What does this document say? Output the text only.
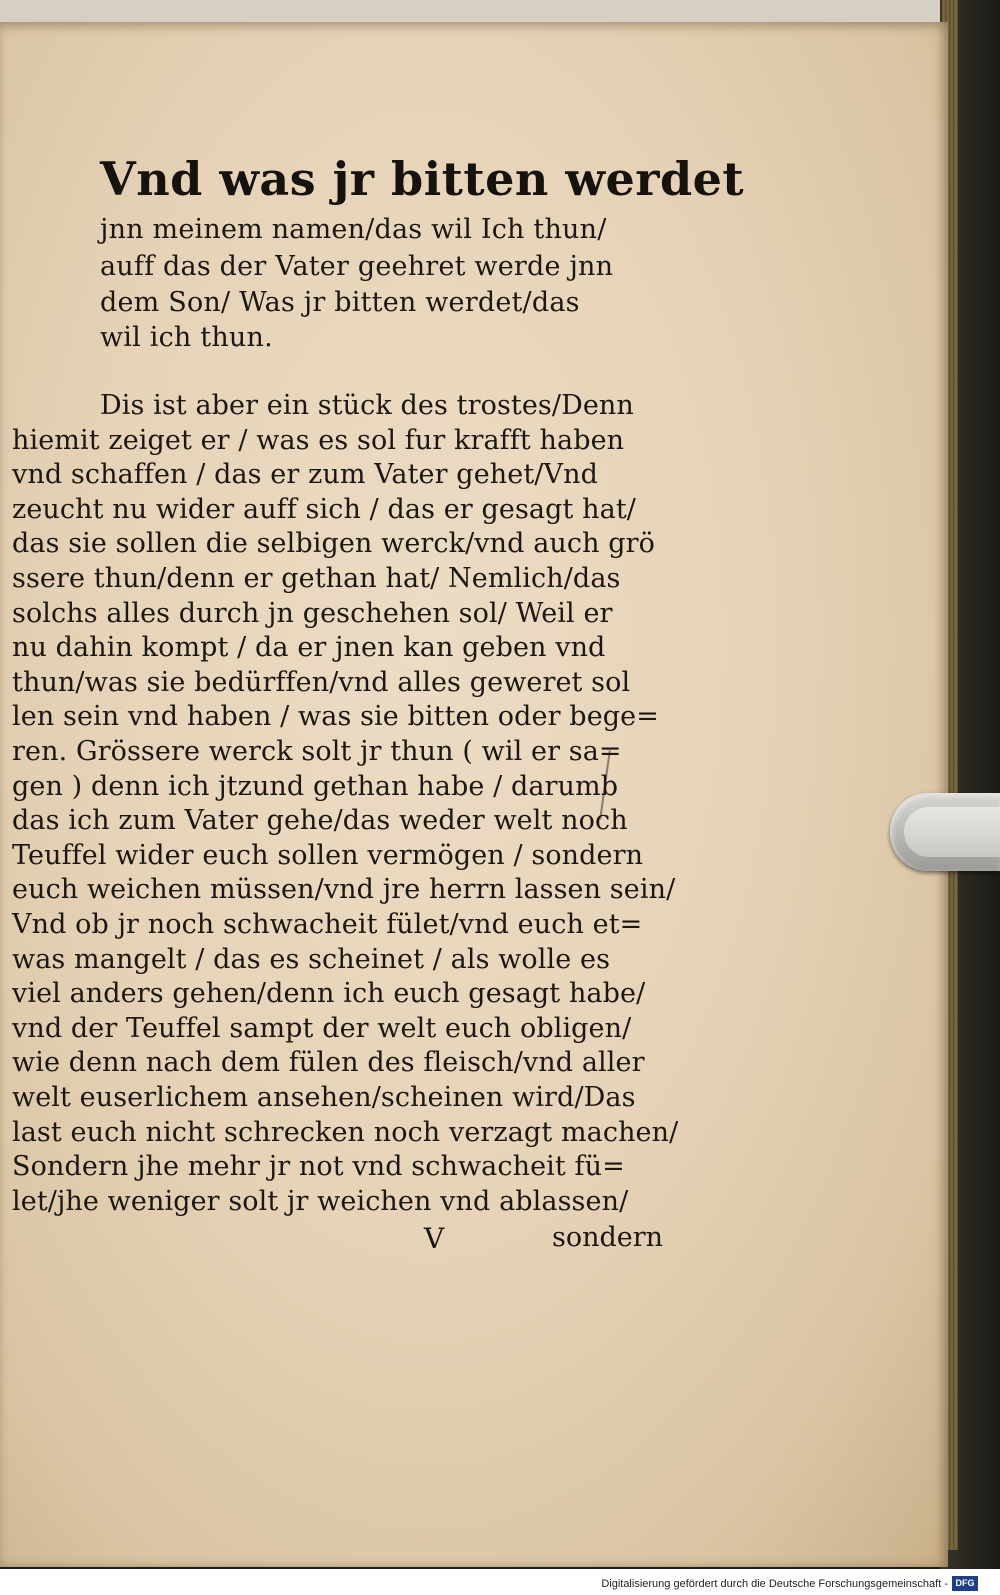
Vnd was jr bitten werdet
jnn meinem namen/das wil Ich thun/
auff das der Vater geehret werde jnn
dem Son/ Was jr bitten werdet/das
wil ich thun.
Dis ist aber ein stück des trostes/Denn
hiemit zeiget er / was es sol fur krafft haben
vnd schaffen / das er zum Vater gehet/Vnd
zeucht nu wider auff sich / das er gesagt hat/
das sie sollen die selbigen werck/vnd auch grö
ssere thun/denn er gethan hat/ Nemlich/das
solchs alles durch jn geschehen sol/ Weil er
nu dahin kompt / da er jnen kan geben vnd
thun/was sie bedürffen/vnd alles geweret sol
len sein vnd haben / was sie bitten oder bege=
ren. Grössere werck solt jr thun ( wil er sa=
gen ) denn ich jtzund gethan habe / darumb
das ich zum Vater gehe/das weder welt noch
Teuffel wider euch sollen vermögen / sondern
euch weichen müssen/vnd jre herrn lassen sein/
Vnd ob jr noch schwacheit fület/vnd euch et=
was mangelt / das es scheinet / als wolle es
viel anders gehen/denn ich euch gesagt habe/
vnd der Teuffel sampt der welt euch obligen/
wie denn nach dem fülen des fleisch/vnd aller
welt euserlichem ansehen/scheinen wird/Das
last euch nicht schrecken noch verzagt machen/
Sondern jhe mehr jr not vnd schwacheit fü=
let/jhe weniger solt jr weichen vnd ablassen/
V	sondern
Digitalisierung gefördert durch die Deutsche Forschungsgemeinschaft - DFG
